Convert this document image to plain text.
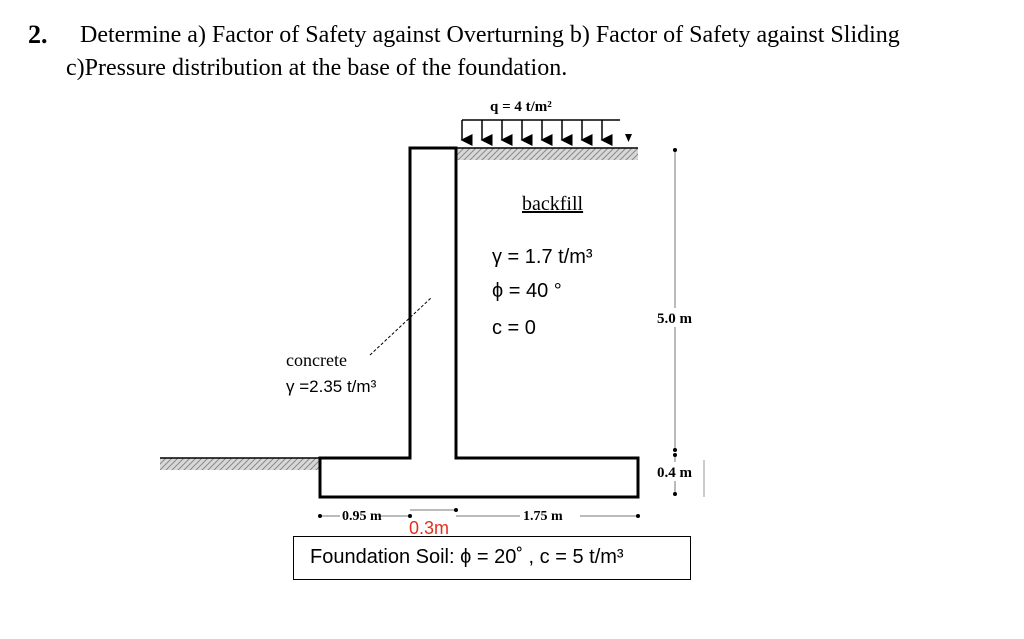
2. Determine a) Factor of Safety against Overturning b) Factor of Safety against Sliding
c)Pressure distribution at the base of the foundation.
q = 4 t/m²
backfill
γ = 1.7 t/m³
ϕ = 40 °
c = 0
concrete
γ =2.35 t/m³
5.0 m
0.4 m
0.95 m
0.3m
1.75 m
Foundation Soil: ϕ = 20˚ , c = 5 t/m³
